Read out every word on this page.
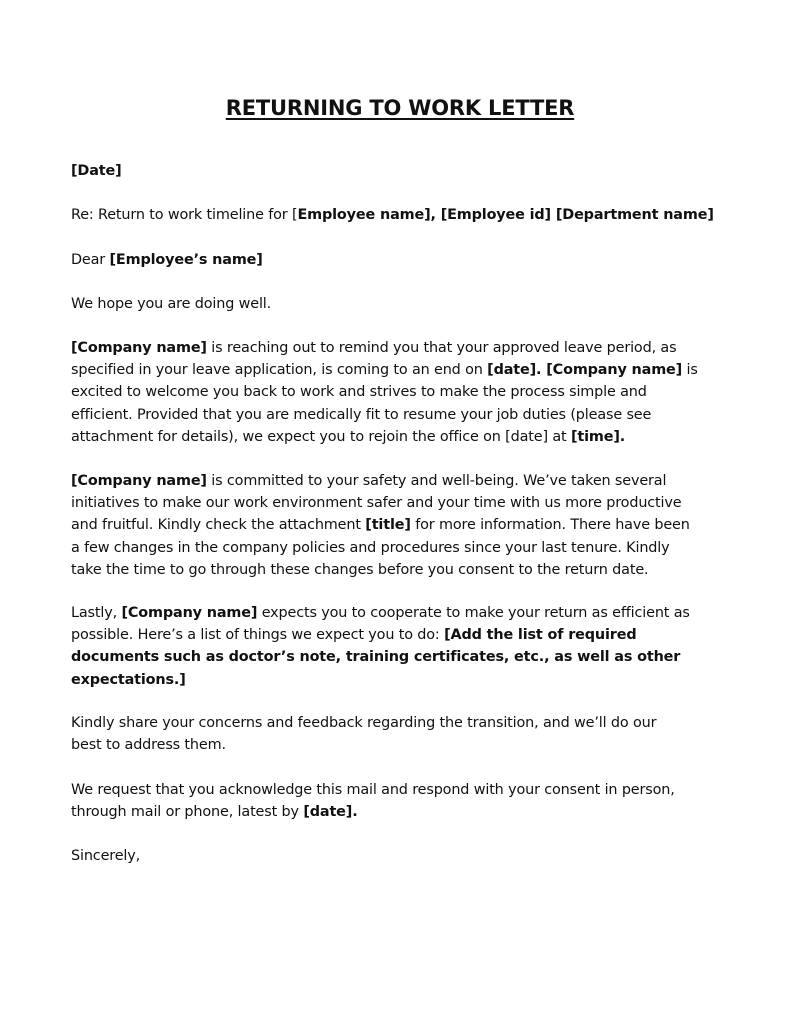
RETURNING TO WORK LETTER

[Date]

Re: Return to work timeline for [Employee name], [Employee id] [Department name]

Dear [Employee’s name]

We hope you are doing well.

[Company name] is reaching out to remind you that your approved leave period, as
specified in your leave application, is coming to an end on [date]. [Company name] is
excited to welcome you back to work and strives to make the process simple and
efficient. Provided that you are medically fit to resume your job duties (please see
attachment for details), we expect you to rejoin the office on [date] at [time].
[Company name] is committed to your safety and well-being. We’ve taken several
initiatives to make our work environment safer and your time with us more productive
and fruitful. Kindly check the attachment [title] for more information. There have been
a few changes in the company policies and procedures since your last tenure. Kindly
take the time to go through these changes before you consent to the return date.
Lastly, [Company name] expects you to cooperate to make your return as efficient as
possible. Here’s a list of things we expect you to do: [Add the list of required
documents such as doctor’s note, training certificates, etc., as well as other
expectations.]
Kindly share your concerns and feedback regarding the transition, and we’ll do our
best to address them.
We request that you acknowledge this mail and respond with your consent in person,
through mail or phone, latest by [date].

Sincerely,
